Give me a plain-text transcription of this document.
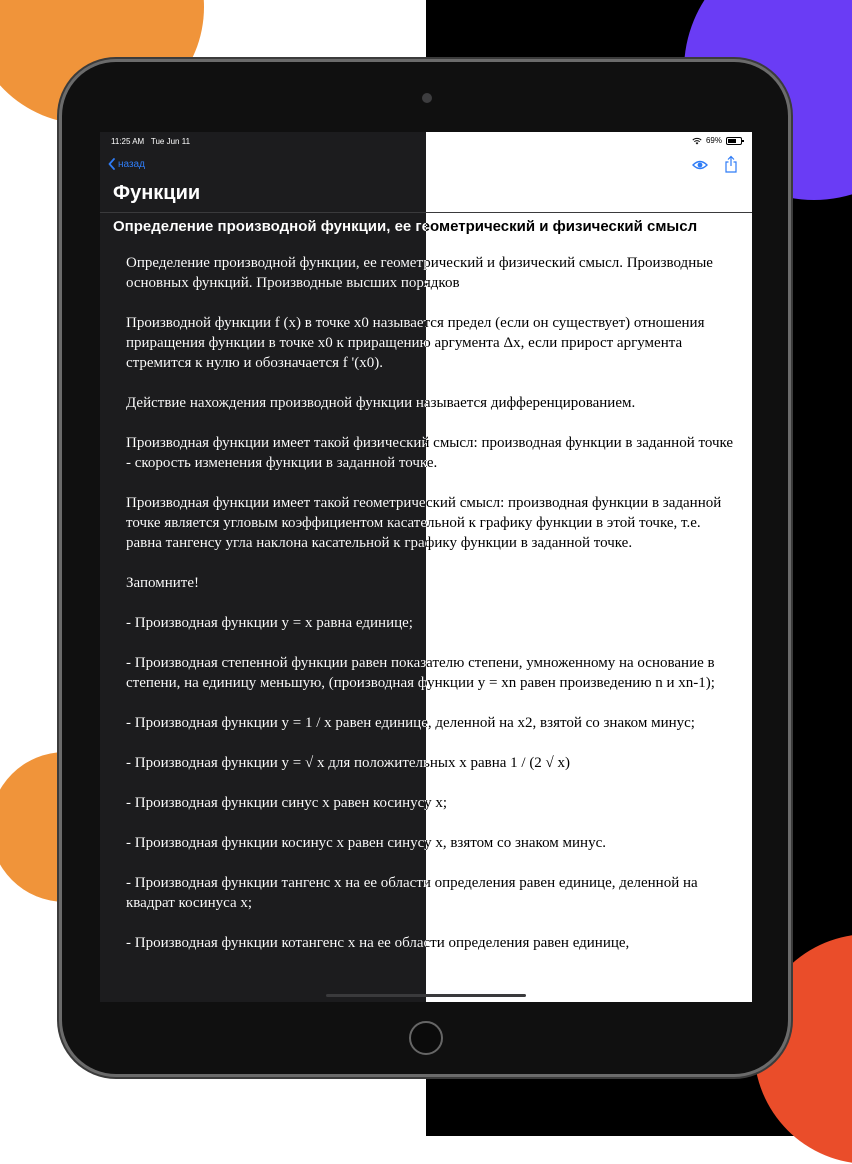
11:25 AM Tue Jun 11	69%
назад
Функции
Определение производной функции, ее геометрический и физический смысл

Определение производной функции, ее геометрический и физический смысл. Производные основных функций. Производные высших порядков

Производной функции f (x) в точке x0 называется предел (если он существует) отношения приращения функции в точке x0 к приращению аргумента Δx, если прирост аргумента стремится к нулю и обозначается f '(x0).

Действие нахождения производной функции называется дифференцированием.

Производная функции имеет такой физический смысл: производная функции в заданной точке - скорость изменения функции в заданной точке.

Производная функции имеет такой геометрический смысл: производная функции в заданной точке является угловым коэффициентом касательной к графику функции в этой точке, т.е. равна тангенсу угла наклона касательной к графику функции в заданной точке.

Запомните!

- Производная функции y = x равна единице;

- Производная степенной функции равен показателю степени, умноженному на основание в степени, на единицу меньшую, (производная функции y = xn равен произведению n и xn-1);

- Производная функции y = 1 / x равен единице, деленной на x2, взятой со знаком минус;

- Производная функции y = √ x для положительных x равна 1 / (2 √ x)

- Производная функции синус x равен косинусу x;

- Производная функции косинус x равен синусу x, взятом со знаком минус.

- Производная функции тангенс x на ее области определения равен единице, деленной на квадрат косинуса x;

- Производная функции котангенс x на ее области определения равен единице,
